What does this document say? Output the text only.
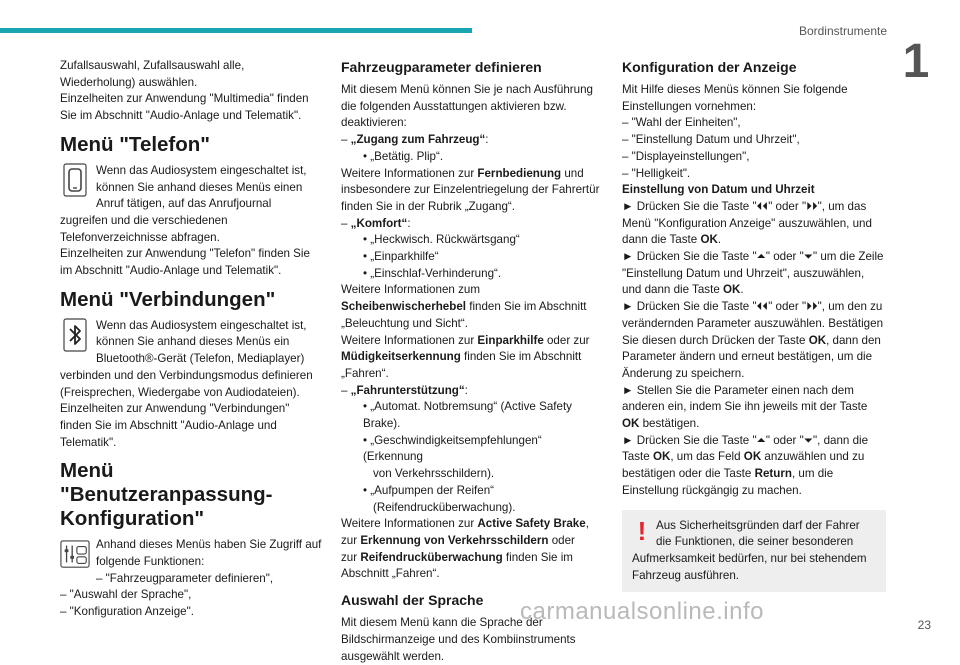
Bordinstrumente
1

Zufallsauswahl, Zufallsauswahl alle, Wiederholung) auswählen.

Einzelheiten zur Anwendung "Multimedia" finden Sie im Abschnitt "Audio-Anlage und Telematik".

Menü "Telefon"

Wenn das Audiosystem eingeschaltet ist, können Sie anhand dieses Menüs einen Anruf tätigen, auf das Anrufjournal zugreifen und die verschiedenen Telefonverzeichnisse abfragen.

Einzelheiten zur Anwendung "Telefon" finden Sie im Abschnitt "Audio-Anlage und Telematik".

Menü "Verbindungen"

Wenn das Audiosystem eingeschaltet ist, können Sie anhand dieses Menüs ein Bluetooth®-Gerät (Telefon, Mediaplayer) verbinden und den Verbindungsmodus definieren (Freisprechen, Wiedergabe von Audiodateien).

Einzelheiten zur Anwendung "Verbindungen" finden Sie im Abschnitt "Audio-Anlage und Telematik".

Menü "Benutzeranpassung-Konfiguration"

Anhand dieses Menüs haben Sie Zugriff auf folgende Funktionen:

– "Fahrzeugparameter definieren",

– "Auswahl der Sprache",

– "Konfiguration Anzeige".

Fahrzeugparameter definieren

Mit diesem Menü können Sie je nach Ausführung die folgenden Ausstattungen aktivieren bzw. deaktivieren:

– „Zugang zum Fahrzeug“:

• „Betätig. Plip“.

Weitere Informationen zur Fernbedienung und insbesondere zur Einzelentriegelung der Fahrertür finden Sie in der Rubrik „Zugang“.

– „Komfort“:

• „Heckwisch. Rückwärtsgang“

• „Einparkhilfe“

• „Einschlaf-Verhinderung“.

Weitere Informationen zum Scheibenwischerhebel finden Sie im Abschnitt „Beleuchtung und Sicht“.

Weitere Informationen zur Einparkhilfe oder zur Müdigkeitserkennung finden Sie im Abschnitt „Fahren“.

– „Fahrunterstützung“:

• „Automat. Notbremsung“ (Active Safety Brake).

• „Geschwindigkeitsempfehlungen“ (Erkennung

von Verkehrsschildern).

• „Aufpumpen der Reifen“

(Reifendrucküberwachung).

Weitere Informationen zur Active Safety Brake,

zur Erkennung von Verkehrsschildern oder

zur Reifendrucküberwachung finden Sie im Abschnitt „Fahren“.

Auswahl der Sprache

Mit diesem Menü kann die Sprache der Bildschirmanzeige und des Kombiinstruments ausgewählt werden.

Konfiguration der Anzeige

Mit Hilfe dieses Menüs können Sie folgende Einstellungen vornehmen:

– "Wahl der Einheiten",

– "Einstellung Datum und Uhrzeit",

– "Displayeinstellungen",

– "Helligkeit".

Einstellung von Datum und Uhrzeit

► Drücken Sie die Taste "⏴⏴" oder "⏵⏵", um das Menü "Konfiguration Anzeige" auszuwählen, und dann die Taste OK.

► Drücken Sie die Taste "⏶" oder "⏷" um die Zeile "Einstellung Datum und Uhrzeit", auszuwählen, und dann die Taste OK.

► Drücken Sie die Taste "⏴⏴" oder "⏵⏵", um den zu verändernden Parameter auszuwählen. Bestätigen Sie diesen durch Drücken der Taste OK, dann den Parameter ändern und erneut bestätigen, um die Änderung zu speichern.

► Stellen Sie die Parameter einen nach dem anderen ein, indem Sie ihn jeweils mit der Taste OK bestätigen.

► Drücken Sie die Taste "⏶" oder "⏷", dann die Taste OK, um das Feld OK anzuwählen und zu bestätigen oder die Taste Return, um die Einstellung rückgängig zu machen.

! Aus Sicherheitsgründen darf der Fahrer die Funktionen, die seiner besonderen Aufmerksamkeit bedürfen, nur bei stehendem Fahrzeug ausführen.

carmanualsonline.info	23
